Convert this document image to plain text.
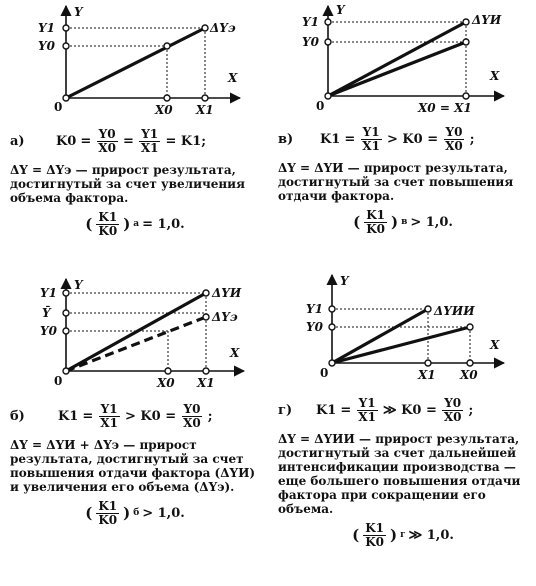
Y
X
0
Y1
Y0
X0 X1
ΔYэ
а)	$K0 = \frac{Y0}{X0} = \frac{Y1}{X1} = K1$;
ΔY = ΔYэ — прирост результата, достигнутый за счет увеличения объема фактора.
( $\frac{K1}{K0}$ ) а = 1,0.
Y
X
0
Y1
Y0
X0 = X1
ΔYИ
в)	$K1 = \frac{Y1}{X1} > K0 = \frac{Y0}{X0}$ ;
ΔY = ΔYИ — прирост результата, достигнутый за счет повышения отдачи фактора.
( $\frac{K1}{K0}$ ) в > 1,0.
Y
X
0
Y1
Ȳ
Y0
X0 X1
ΔYИ
ΔYэ
б)	$K1 = \frac{Y1}{X1} > K0 = \frac{Y0}{X0}$ ;
ΔY = ΔYИ + ΔYэ — прирост результата, достигнутый за счет повышения отдачи фактора (ΔYИ) и увеличения его объема (ΔYэ).
( $\frac{K1}{K0}$ ) б > 1,0.
Y
X
0
Y1
Y0
X1 X0
ΔYИИ
г)	$K1 = \frac{Y1}{X1}$ ≫ $K0 = \frac{Y0}{X0}$ ;
ΔY = ΔYИИ — прирост результата, достигнутый за счет дальнейшей интенсификации производства — еще большего повышения отдачи фактора при сокращении его объема.
( $\frac{K1}{K0}$ ) г ≫ 1,0.
